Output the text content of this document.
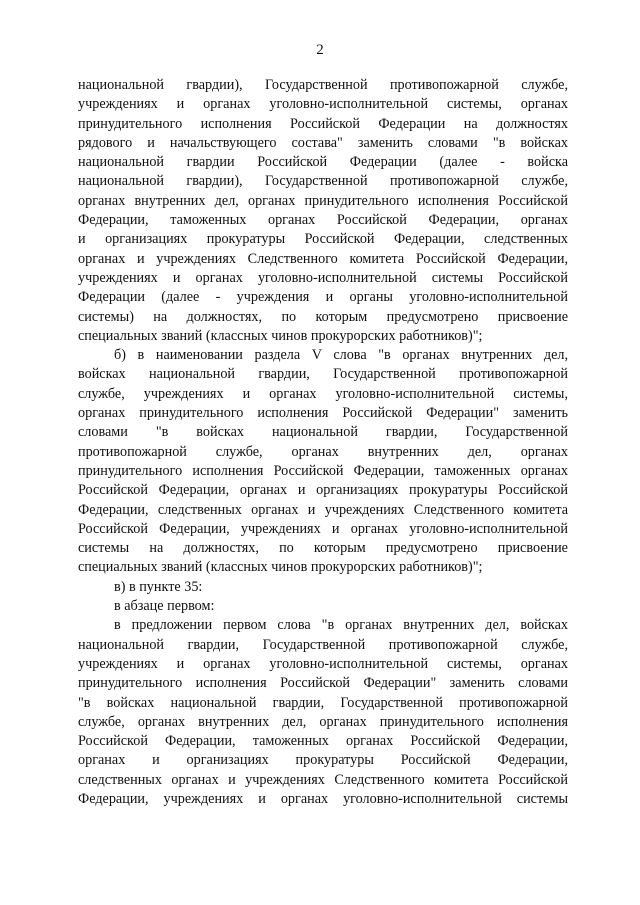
2
национальной гвардии), Государственной противопожарной службе,
учреждениях и органах уголовно-исполнительной системы, органах
принудительного исполнения Российской Федерации на должностях
рядового и начальствующего состава" заменить словами "в войсках
национальной гвардии Российской Федерации (далее - войска
национальной гвардии), Государственной противопожарной службе,
органах внутренних дел, органах принудительного исполнения Российской
Федерации, таможенных органах Российской Федерации, органах
и организациях прокуратуры Российской Федерации, следственных
органах и учреждениях Следственного комитета Российской Федерации,
учреждениях и органах уголовно-исполнительной системы Российской
Федерации (далее - учреждения и органы уголовно-исполнительной
системы) на должностях, по которым предусмотрено присвоение
специальных званий (классных чинов прокурорских работников)";
б) в наименовании раздела V слова "в органах внутренних дел,
войсках национальной гвардии, Государственной противопожарной
службе, учреждениях и органах уголовно-исполнительной системы,
органах принудительного исполнения Российской Федерации" заменить
словами "в войсках национальной гвардии, Государственной
противопожарной службе, органах внутренних дел, органах
принудительного исполнения Российской Федерации, таможенных органах
Российской Федерации, органах и организациях прокуратуры Российской
Федерации, следственных органах и учреждениях Следственного комитета
Российской Федерации, учреждениях и органах уголовно-исполнительной
системы на должностях, по которым предусмотрено присвоение
специальных званий (классных чинов прокурорских работников)";
в) в пункте 35:
в абзаце первом:
в предложении первом слова "в органах внутренних дел, войсках
национальной гвардии, Государственной противопожарной службе,
учреждениях и органах уголовно-исполнительной системы, органах
принудительного исполнения Российской Федерации" заменить словами
"в войсках национальной гвардии, Государственной противопожарной
службе, органах внутренних дел, органах принудительного исполнения
Российской Федерации, таможенных органах Российской Федерации,
органах и организациях прокуратуры Российской Федерации,
следственных органах и учреждениях Следственного комитета Российской
Федерации, учреждениях и органах уголовно-исполнительной системы
